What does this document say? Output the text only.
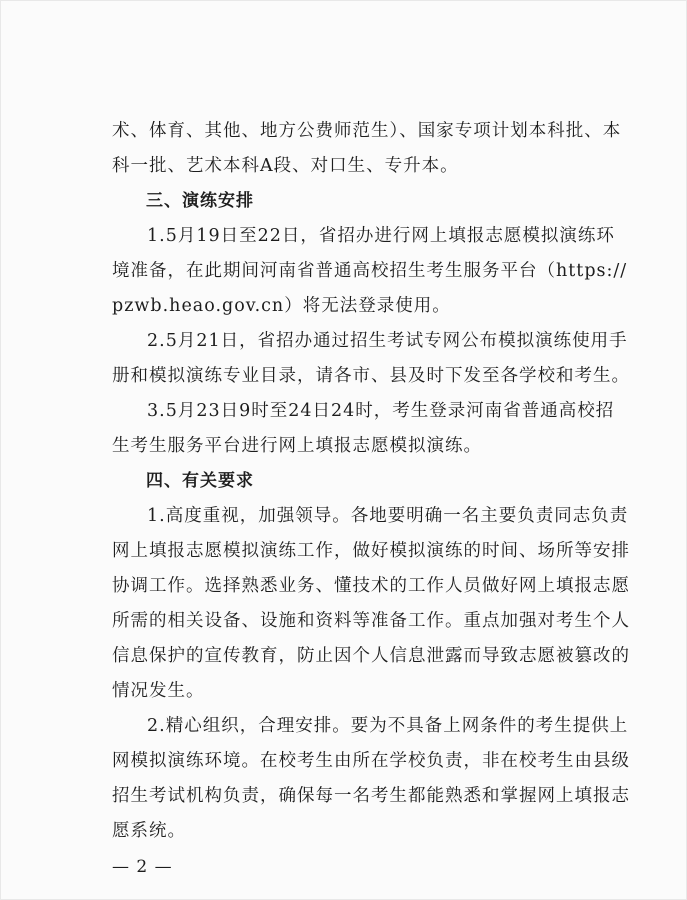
术、体育、其他、地方公费师范生）、国家专项计划本科批、本科一批、艺术本科A段、对口生、专升本。

三、演练安排

1.5月19日至22日，省招办进行网上填报志愿模拟演练环境准备，在此期间河南省普通高校招生考生服务平台（https://pzwb.heao.gov.cn）将无法登录使用。

2.5月21日，省招办通过招生考试专网公布模拟演练使用手册和模拟演练专业目录，请各市、县及时下发至各学校和考生。

3.5月23日9时至24日24时，考生登录河南省普通高校招生考生服务平台进行网上填报志愿模拟演练。

四、有关要求

1.高度重视，加强领导。各地要明确一名主要负责同志负责网上填报志愿模拟演练工作，做好模拟演练的时间、场所等安排协调工作。选择熟悉业务、懂技术的工作人员做好网上填报志愿所需的相关设备、设施和资料等准备工作。重点加强对考生个人信息保护的宣传教育，防止因个人信息泄露而导致志愿被篡改的情况发生。

2.精心组织，合理安排。要为不具备上网条件的考生提供上网模拟演练环境。在校考生由所在学校负责，非在校考生由县级招生考试机构负责，确保每一名考生都能熟悉和掌握网上填报志愿系统。

— 2 —
